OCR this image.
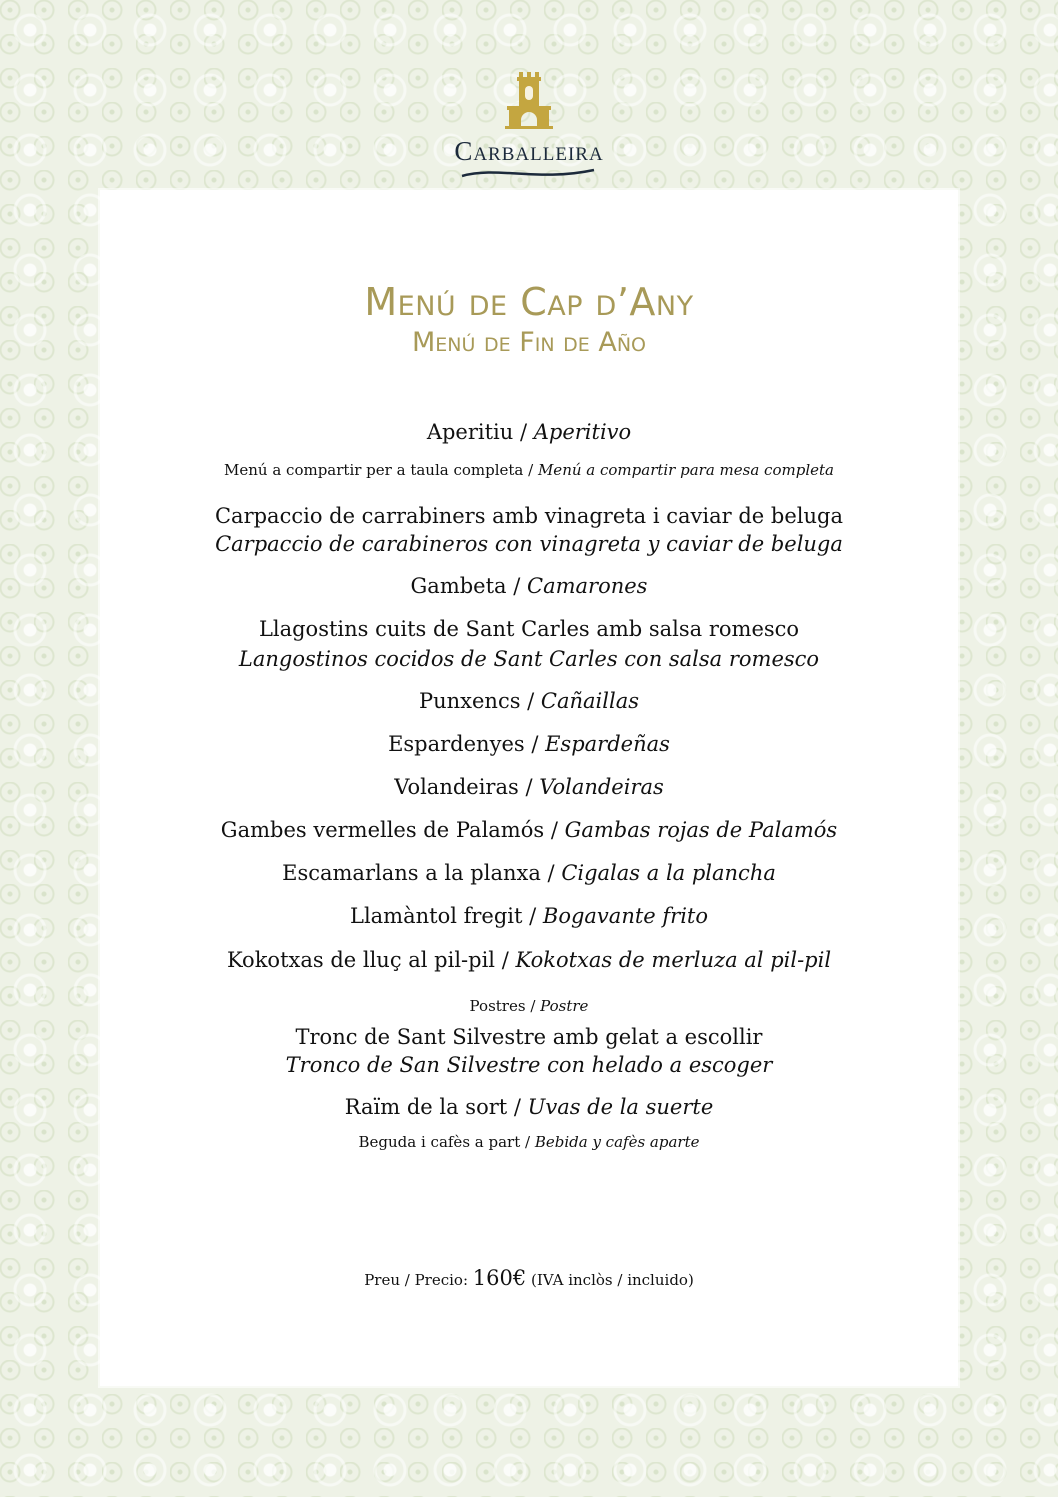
Carballeira
Menú de Cap d’Any
Menú de Fin de Año
Aperitiu / Aperitivo
Menú a compartir per a taula completa / Menú a compartir para mesa completa
Carpaccio de carrabiners amb vinagreta i caviar de beluga
Carpaccio de carabineros con vinagreta y caviar de beluga
Gambeta / Camarones
Llagostins cuits de Sant Carles amb salsa romesco
Langostinos cocidos de Sant Carles con salsa romesco
Punxencs / Cañaillas
Espardenyes / Espardeñas
Volandeiras / Volandeiras
Gambes vermelles de Palamós / Gambas rojas de Palamós
Escamarlans a la planxa / Cigalas a la plancha
Llamàntol fregit / Bogavante frito
Kokotxas de lluç al pil-pil / Kokotxas de merluza al pil-pil
Postres / Postre
Tronc de Sant Silvestre amb gelat a escollir
Tronco de San Silvestre con helado a escoger
Raïm de la sort / Uvas de la suerte
Beguda i cafès a part / Bebida y cafès aparte
Preu / Precio: 160€ (IVA inclòs / incluido)
